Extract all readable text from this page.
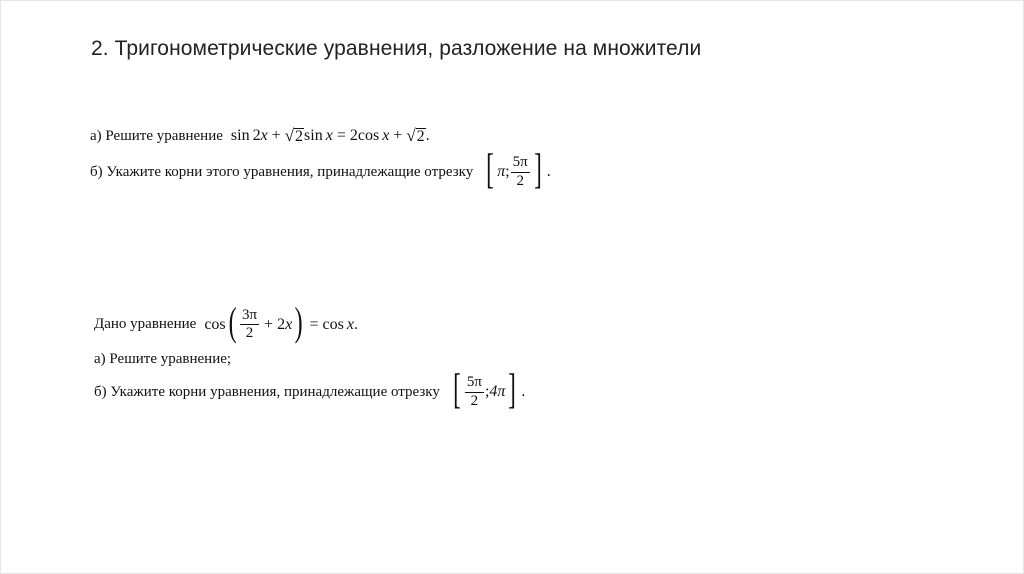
2. Тригонометрические уравнения, разложение на множители
а) Решите уравнение sin 2 x + √ 2 sin x = 2 cos x + √ 2 .
б) Укажите корни этого уравнения, принадлежащие отрезку [ π ; $\frac{5\pi}{2}$ ] .
Дано уравнение cos ( $\frac{3\pi}{2} + 2$ x ) = cos x .
а) Решите уравнение;
б) Укажите корни уравнения, принадлежащие отрезку [ $\frac{5\pi}{2}$ ; 4π ] .
